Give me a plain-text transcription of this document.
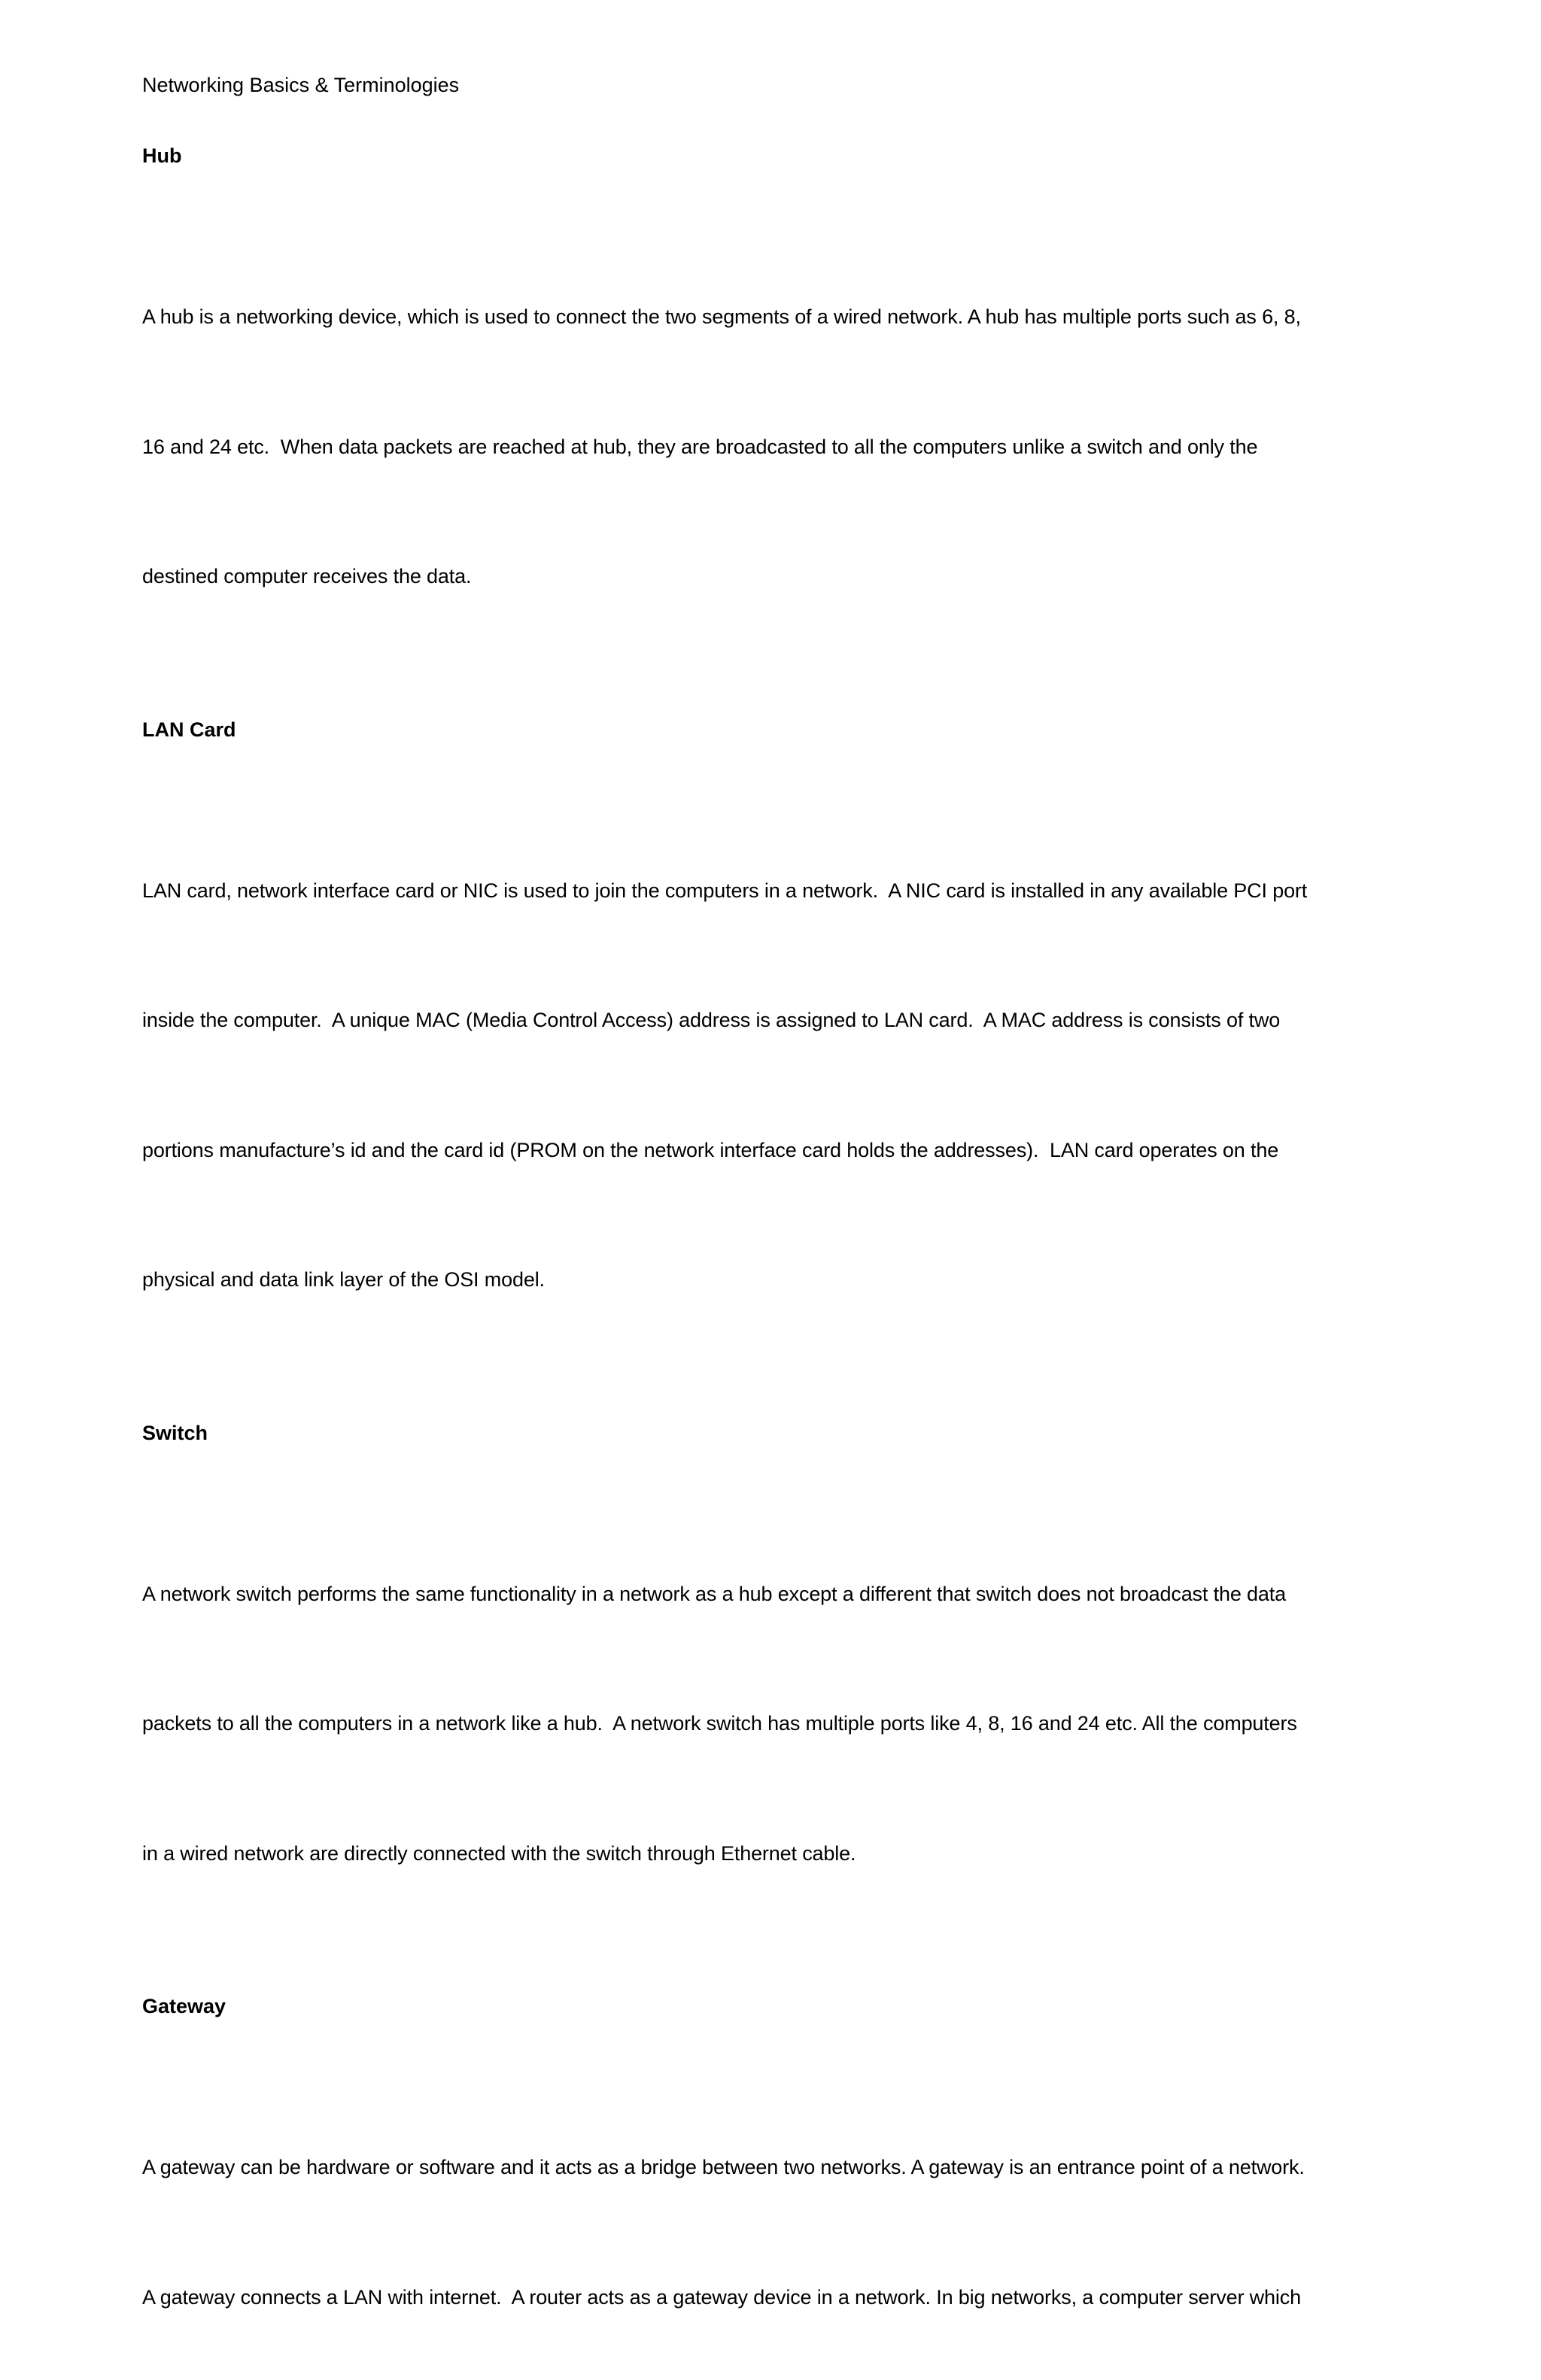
Networking Basics & Terminologies
Hub

A hub is a networking device, which is used to connect the two segments of a wired network. A hub has multiple ports such as 6, 8,

16 and 24 etc.  When data packets are reached at hub, they are broadcasted to all the computers unlike a switch and only the

destined computer receives the data.

LAN Card

LAN card, network interface card or NIC is used to join the computers in a network.  A NIC card is installed in any available PCI port

inside the computer.  A unique MAC (Media Control Access) address is assigned to LAN card.  A MAC address is consists of two

portions manufacture’s id and the card id (PROM on the network interface card holds the addresses).  LAN card operates on the

physical and data link layer of the OSI model.

Switch

A network switch performs the same functionality in a network as a hub except a different that switch does not broadcast the data

packets to all the computers in a network like a hub.  A network switch has multiple ports like 4, 8, 16 and 24 etc. All the computers

in a wired network are directly connected with the switch through Ethernet cable.

Gateway

A gateway can be hardware or software and it acts as a bridge between two networks. A gateway is an entrance point of a network.

A gateway connects a LAN with internet.  A router acts as a gateway device in a network. In big networks, a computer server which
